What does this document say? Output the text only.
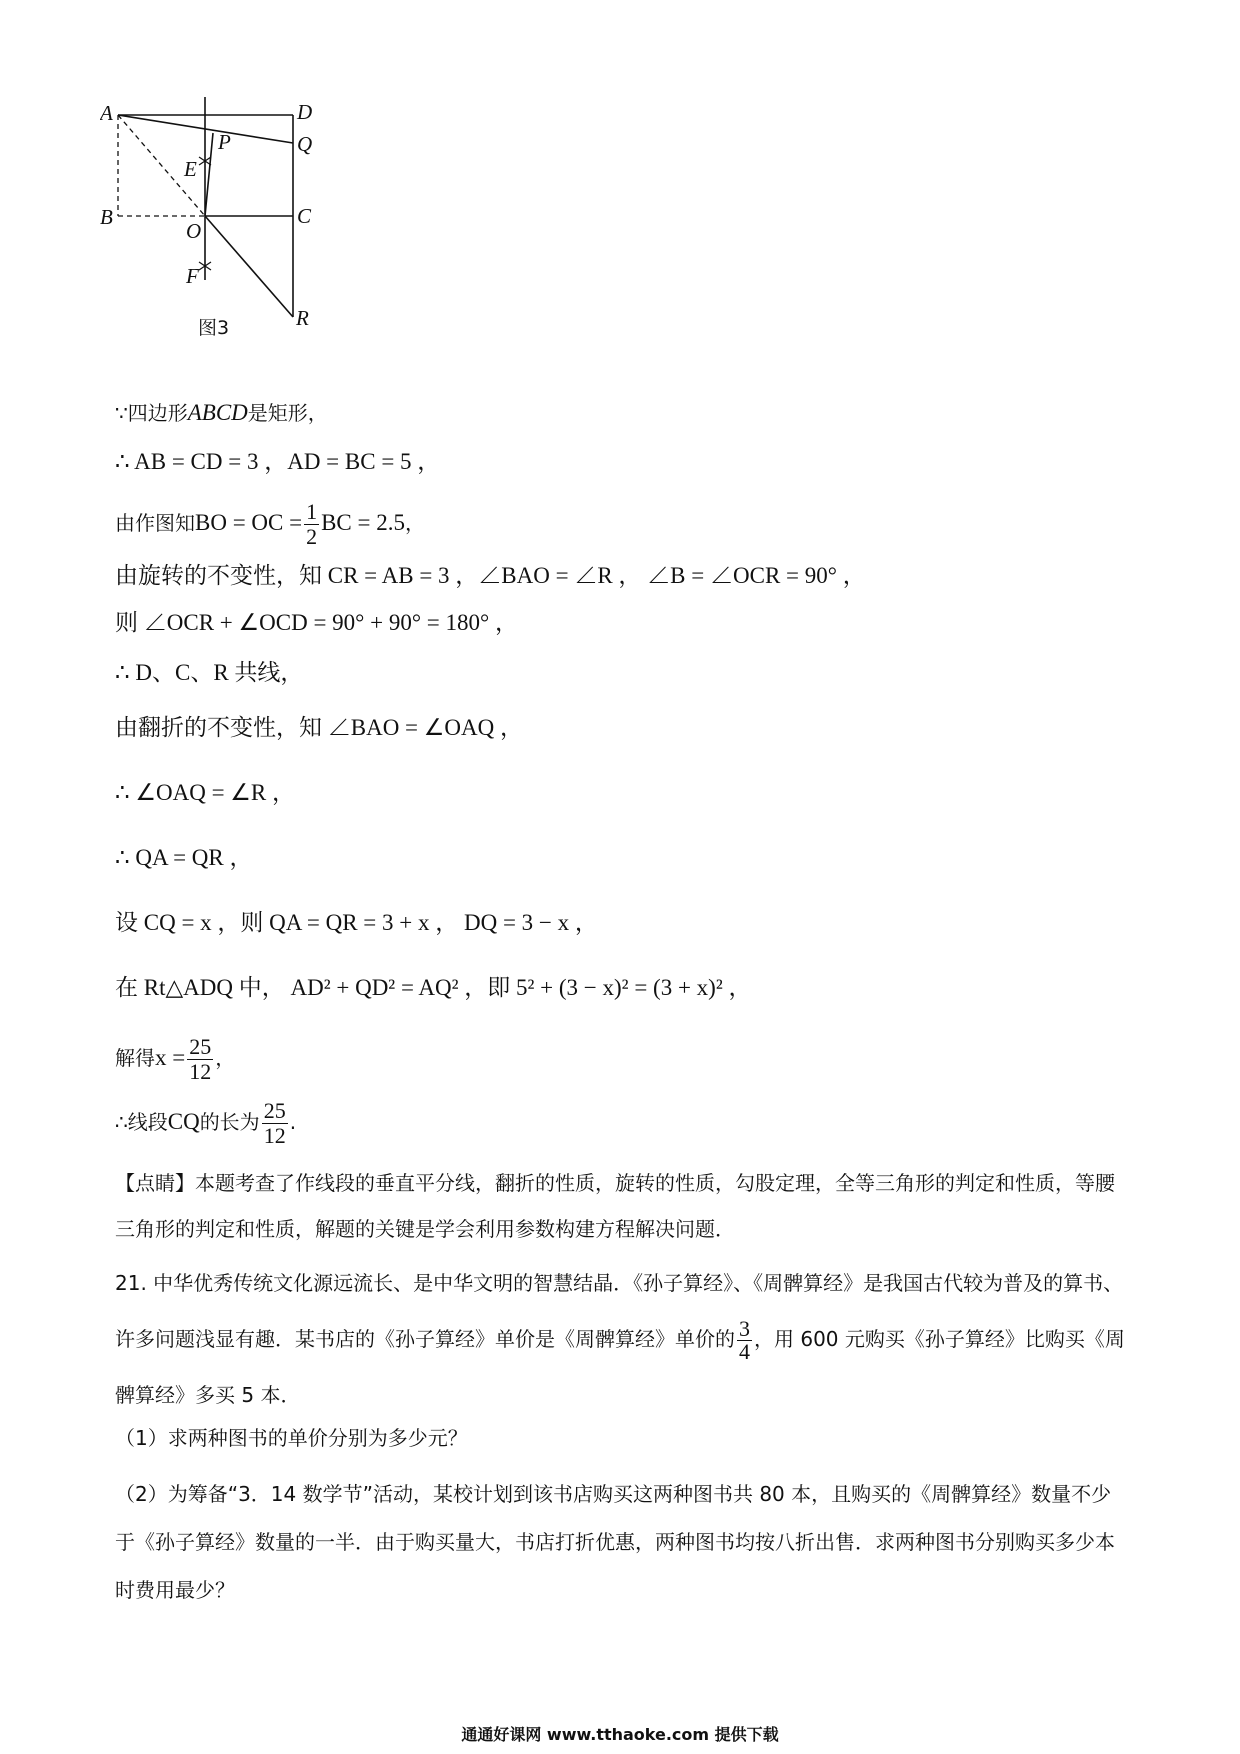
A	D
P	Q
E
B
O
C
F
图3	R
∵四边形ABCD是矩形，
∴ AB = CD = 3 ，AD = BC = 5 ，
由作图知BO = OC = $\frac{1}{2}$ BC = 2.5，
由旋转的不变性，知 CR = AB = 3 ，∠BAO = ∠R ， ∠B = ∠OCR = 90° ，
则 ∠OCR + ∠OCD = 90° + 90° = 180° ，
∴ D、C、R 共线，
由翻折的不变性，知 ∠BAO = ∠OAQ ，
∴ ∠OAQ = ∠R ，
∴ QA = QR ，
设 CQ = x ，则 QA = QR = 3 + x ， DQ = 3 − x ，
在 Rt△ADQ 中， AD² + QD² = AQ² ，即 5² + (3 − x)² = (3 + x)² ，
解得$x = \frac{25}{12}$ ，
∴线段CQ的长为 $\frac{25}{12}$ .
【点睛】本题考查了作线段的垂直平分线，翻折的性质，旋转的性质，勾股定理，全等三角形的判定和性质，等腰三角形的判定和性质，解题的关键是学会利用参数构建方程解决问题．
21. 中华优秀传统文化源远流长、是中华文明的智慧结晶．《孙子算经》、《周髀算经》是我国古代较为普及的算书、许多问题浅显有趣．某书店的《孙子算经》单价是《周髀算经》单价的 $\frac{3}{4}$ ，用 600 元购买《孙子算经》比购买《周髀算经》多买 5 本．
（1）求两种图书的单价分别为多少元？
（2）为筹备“3．14 数学节”活动，某校计划到该书店购买这两种图书共 80 本，且购买的《周髀算经》数量不少于《孙子算经》数量的一半．由于购买量大，书店打折优惠，两种图书均按八折出售．求两种图书分别购买多少本时费用最少？
通通好课网 www.tthaoke.com 提供下载
